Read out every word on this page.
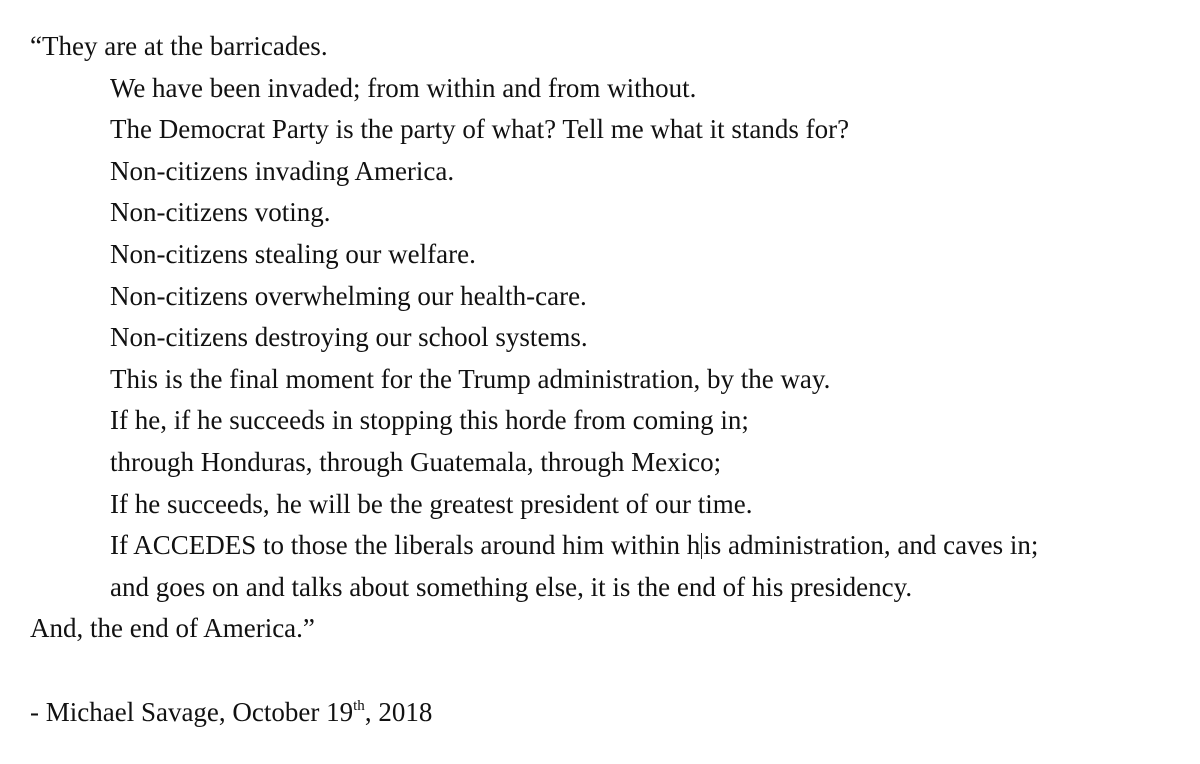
“They are at the barricades.
We have been invaded; from within and from without.
The Democrat Party is the party of what? Tell me what it stands for?
Non-citizens invading America.
Non-citizens voting.
Non-citizens stealing our welfare.
Non-citizens overwhelming our health-care.
Non-citizens destroying our school systems.
This is the final moment for the Trump administration, by the way.
If he, if he succeeds in stopping this horde from coming in;
through Honduras, through Guatemala, through Mexico;
If he succeeds, he will be the greatest president of our time.
If ACCEDES to those the liberals around him within h is administration, and caves in;
and goes on and talks about something else, it is the end of his presidency.
And, the end of America.”
- Michael Savage, October 19th, 2018
